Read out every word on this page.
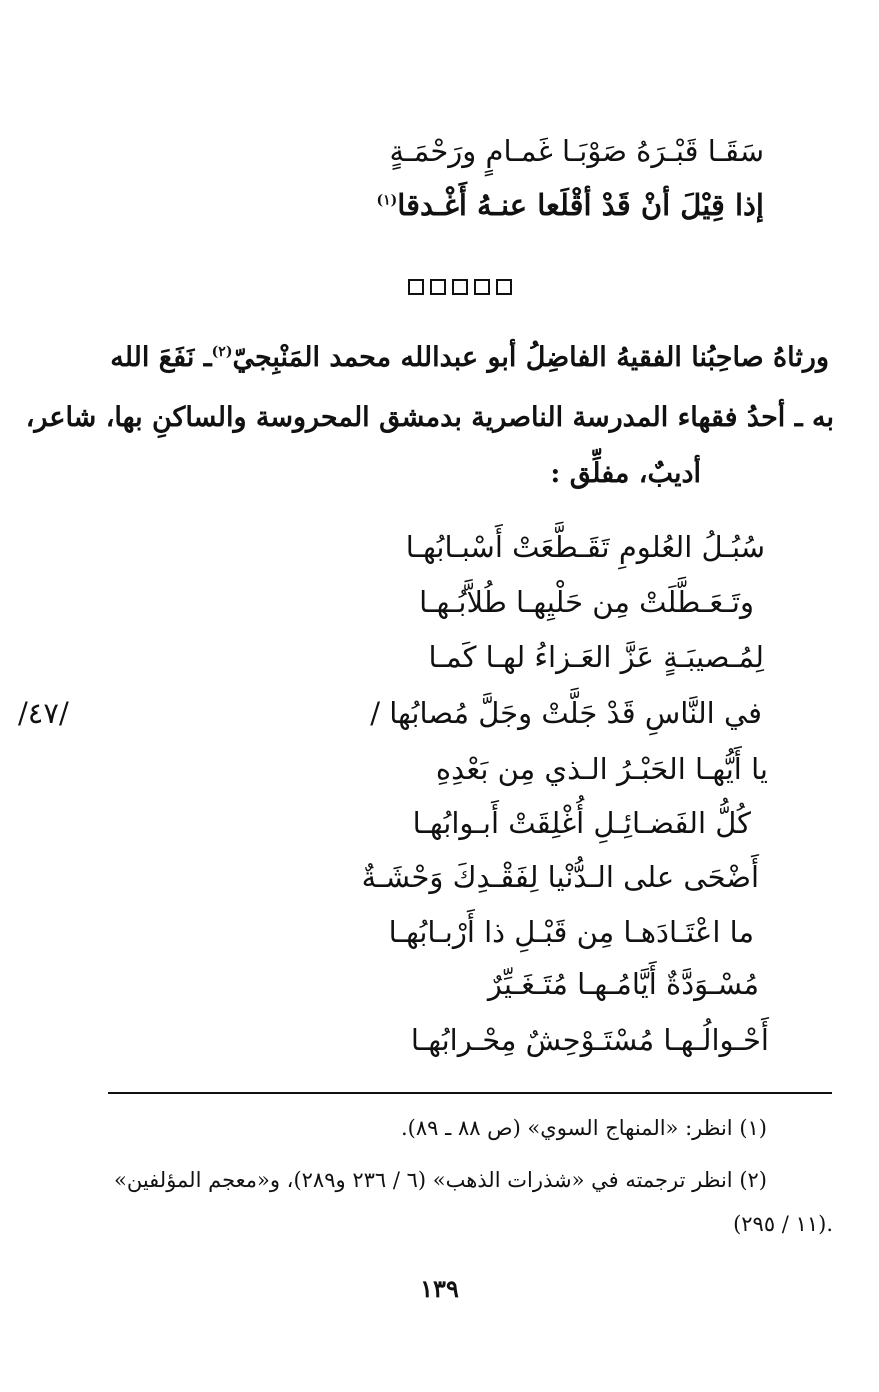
سَقَـا قَبْـرَهُ صَوْبَـا غَمـامٍ ورَحْمَـةٍ
إذا قِيْلَ أنْ قَدْ أقْلَعا عنـهُ أَغْـدقا$^{(١)}$
ورثاهُ صاحِبُنا الفقيهُ الفاضِلُ أبو عبدالله محمد المَنْبِجيّ$^{(٢)}$ـ نَفَعَ الله
به ـ أحدُ فقهاء المدرسة الناصرية بدمشق المحروسة والساكنِ بها، شاعر،
أديبٌ، مفلِّق :
سُبُـلُ العُلومِ تَقَـطَّعَتْ أَسْبـابُهـا
وتَـعَـطَّلَتْ مِن حَلْيِهـا طُلاَّبُـهـا
لِمُـصيبَـةٍ عَزَّ العَـزاءُ لهـا كَمـا
في النَّاسِ قَدْ جَلَّتْ وجَلَّ مُصابُها /
/٤٧/
يا أَيُّهـا الحَبْـرُ الـذي مِن بَعْدِهِ
كُلُّ الفَضـائِـلِ أُغْلِقَتْ أَبـوابُهـا
أَضْحَى على الـدُّنْيا لِفَقْـدِكَ وَحْشَـةٌ
ما اعْتَـادَهـا مِن قَبْـلِ ذا أَرْبـابُهـا
مُسْـوَدَّةٌ أَيَّامُـهـا مُتَـغَـيِّرٌ
أَحْـوالُـهـا مُسْتَـوْحِشٌ مِحْـرابُهـا
(١) انظر: «المنهاج السوي» (ص ٨٨ ـ ٨٩).
(٢) انظر ترجمته في «شذرات الذهب» (٦ / ٢٣٦ و٢٨٩)، و«معجم المؤلفين»
(١١ / ٢٩٥).
١٣٩
